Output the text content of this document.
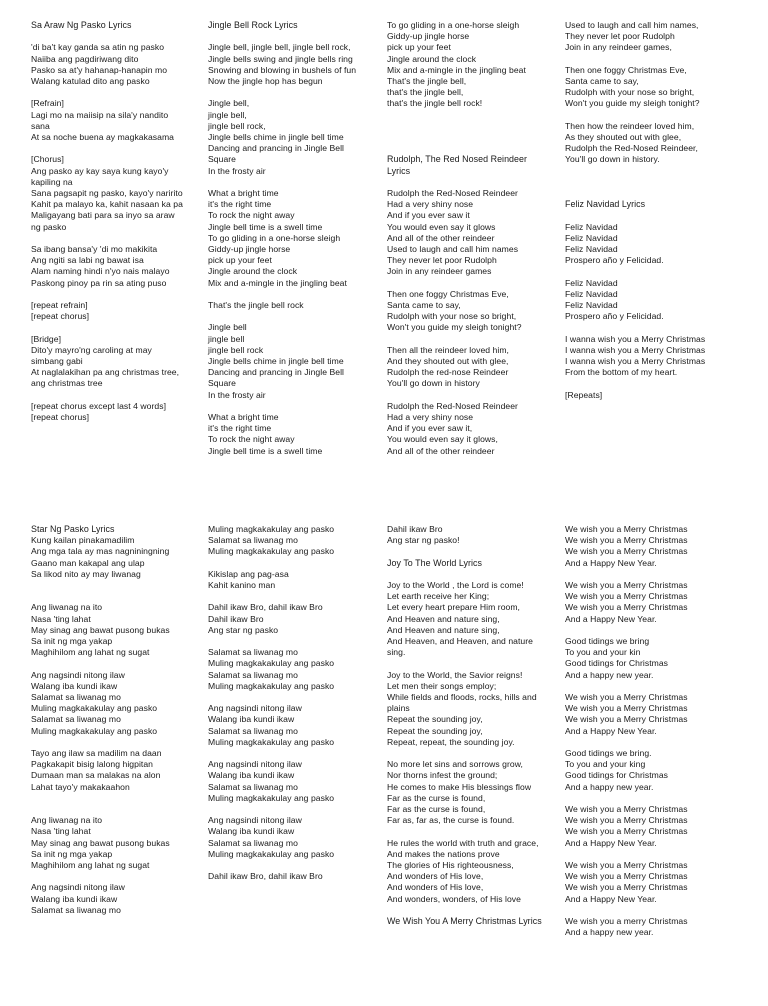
Sa Araw Ng Pasko Lyrics
'di ba't kay ganda sa atin ng pasko
Naiiba ang pagdiriwang dito
Pasko sa at'y hahanap-hanapin mo
Walang katulad dito ang pasko
[Refrain]
Lagi mo na maiisip na sila'y nandito
sana
At sa noche buena ay magkakasama
[Chorus]
Ang pasko ay kay saya kung kayo'y
kapiling na
Sana pagsapit ng pasko, kayo'y naririto
Kahit pa malayo ka, kahit nasaan ka pa
Maligayang bati para sa inyo sa araw
ng pasko
Sa ibang bansa'y 'di mo makikita
Ang ngiti sa labi ng bawat isa
Alam naming hindi n'yo nais malayo
Paskong pinoy pa rin sa ating puso
[repeat refrain]
[repeat chorus]
[Bridge]
Dito'y mayro'ng caroling at may
simbang gabi
At naglalakihan pa ang christmas tree,
ang christmas tree
[repeat chorus except last 4 words]
[repeat chorus]
Jingle Bell Rock Lyrics
Jingle bell, jingle bell, jingle bell rock,
Jingle bells swing and jingle bells ring
Snowing and blowing in bushels of fun
Now the jingle hop has begun
Jingle bell,
jingle bell,
jingle bell rock,
Jingle bells chime in jingle bell time
Dancing and prancing in Jingle Bell
Square
In the frosty air
What a bright time
it's the right time
To rock the night away
Jingle bell time is a swell time
To go gliding in a one-horse sleigh
Giddy-up jingle horse
pick up your feet
Jingle around the clock
Mix and a-mingle in the jingling beat
That's the jingle bell rock
Jingle bell
jingle bell
jingle bell rock
Jingle bells chime in jingle bell time
Dancing and prancing in Jingle Bell
Square
In the frosty air
What a bright time
it's the right time
To rock the night away
Jingle bell time is a swell time
To go gliding in a one-horse sleigh
Giddy-up jingle horse
pick up your feet
Jingle around the clock
Mix and a-mingle in the jingling beat
That's the jingle bell,
that's the jingle bell,
that's the jingle bell rock!
Rudolph, The Red Nosed Reindeer
Lyrics
Rudolph the Red-Nosed Reindeer
Had a very shiny nose
And if you ever saw it
You would even say it glows
And all of the other reindeer
Used to laugh and call him names
They never let poor Rudolph
Join in any reindeer games
Then one foggy Christmas Eve,
Santa came to say,
Rudolph with your nose so bright,
Won't you guide my sleigh tonight?
Then all the reindeer loved him,
And they shouted out with glee,
Rudolph the red-nose Reindeer
You'll go down in history
Rudolph the Red-Nosed Reindeer
Had a very shiny nose
And if you ever saw it,
You would even say it glows,
And all of the other reindeer
Used to laugh and call him names,
They never let poor Rudolph
Join in any reindeer games,
Then one foggy Christmas Eve,
Santa came to say,
Rudolph with your nose so bright,
Won't you guide my sleigh tonight?
Then how the reindeer loved him,
As they shouted out with glee,
Rudolph the Red-Nosed Reindeer,
You'll go down in history.
Feliz Navidad Lyrics
Feliz Navidad
Feliz Navidad
Feliz Navidad
Prospero año y Felicidad.
Feliz Navidad
Feliz Navidad
Feliz Navidad
Prospero año y Felicidad.
I wanna wish you a Merry Christmas
I wanna wish you a Merry Christmas
I wanna wish you a Merry Christmas
From the bottom of my heart.
[Repeats]
Star Ng Pasko Lyrics
Kung kailan pinakamadilim
Ang mga tala ay mas nagniningning
Gaano man kakapal ang ulap
Sa likod nito ay may liwanag
Ang liwanag na ito
Nasa 'ting lahat
May sinag ang bawat pusong bukas
Sa init ng mga yakap
Maghihilom ang lahat ng sugat
Ang nagsindi nitong ilaw
Walang iba kundi ikaw
Salamat sa liwanag mo
Muling magkakakulay ang pasko
Salamat sa liwanag mo
Muling magkakakulay ang pasko
Tayo ang ilaw sa madilim na daan
Pagkakapit bisig lalong higpitan
Dumaan man sa malakas na alon
Lahat tayo'y makakaahon
Ang liwanag na ito
Nasa 'ting lahat
May sinag ang bawat pusong bukas
Sa init ng mga yakap
Maghihilom ang lahat ng sugat
Ang nagsindi nitong ilaw
Walang iba kundi ikaw
Salamat sa liwanag mo
Muling magkakakulay ang pasko
Salamat sa liwanag mo
Muling magkakakulay ang pasko
Kikislap ang pag-asa
Kahit kanino man
Dahil ikaw Bro, dahil ikaw Bro
Dahil ikaw Bro
Ang star ng pasko
Salamat sa liwanag mo
Muling magkakakulay ang pasko
Salamat sa liwanag mo
Muling magkakakulay ang pasko
Ang nagsindi nitong ilaw
Walang iba kundi ikaw
Salamat sa liwanag mo
Muling magkakakulay ang pasko
Ang nagsindi nitong ilaw
Walang iba kundi ikaw
Salamat sa liwanag mo
Muling magkakakulay ang pasko
Ang nagsindi nitong ilaw
Walang iba kundi ikaw
Salamat sa liwanag mo
Muling magkakakulay ang pasko
Dahil ikaw Bro, dahil ikaw Bro
Dahil ikaw Bro
Ang star ng pasko!
Joy To The World Lyrics
Joy to the World , the Lord is come!
Let earth receive her King;
Let every heart prepare Him room,
And Heaven and nature sing,
And Heaven and nature sing,
And Heaven, and Heaven, and nature
sing.
Joy to the World, the Savior reigns!
Let men their songs employ;
While fields and floods, rocks, hills and
plains
Repeat the sounding joy,
Repeat the sounding joy,
Repeat, repeat, the sounding joy.
No more let sins and sorrows grow,
Nor thorns infest the ground;
He comes to make His blessings flow
Far as the curse is found,
Far as the curse is found,
Far as, far as, the curse is found.
He rules the world with truth and grace,
And makes the nations prove
The glories of His righteousness,
And wonders of His love,
And wonders of His love,
And wonders, wonders, of His love
We Wish You A Merry Christmas Lyrics
We wish you a Merry Christmas
We wish you a Merry Christmas
We wish you a Merry Christmas
And a Happy New Year.
We wish you a Merry Christmas
We wish you a Merry Christmas
We wish you a Merry Christmas
And a Happy New Year.
Good tidings we bring
To you and your kin
Good tidings for Christmas
And a happy new year.
We wish you a Merry Christmas
We wish you a Merry Christmas
We wish you a Merry Christmas
And a Happy New Year.
Good tidings we bring.
To you and your king
Good tidings for Christmas
And a happy new year.
We wish you a Merry Christmas
We wish you a Merry Christmas
We wish you a Merry Christmas
And a Happy New Year.
We wish you a Merry Christmas
We wish you a Merry Christmas
We wish you a Merry Christmas
And a Happy New Year.
We wish you a merry Christmas
And a happy new year.
